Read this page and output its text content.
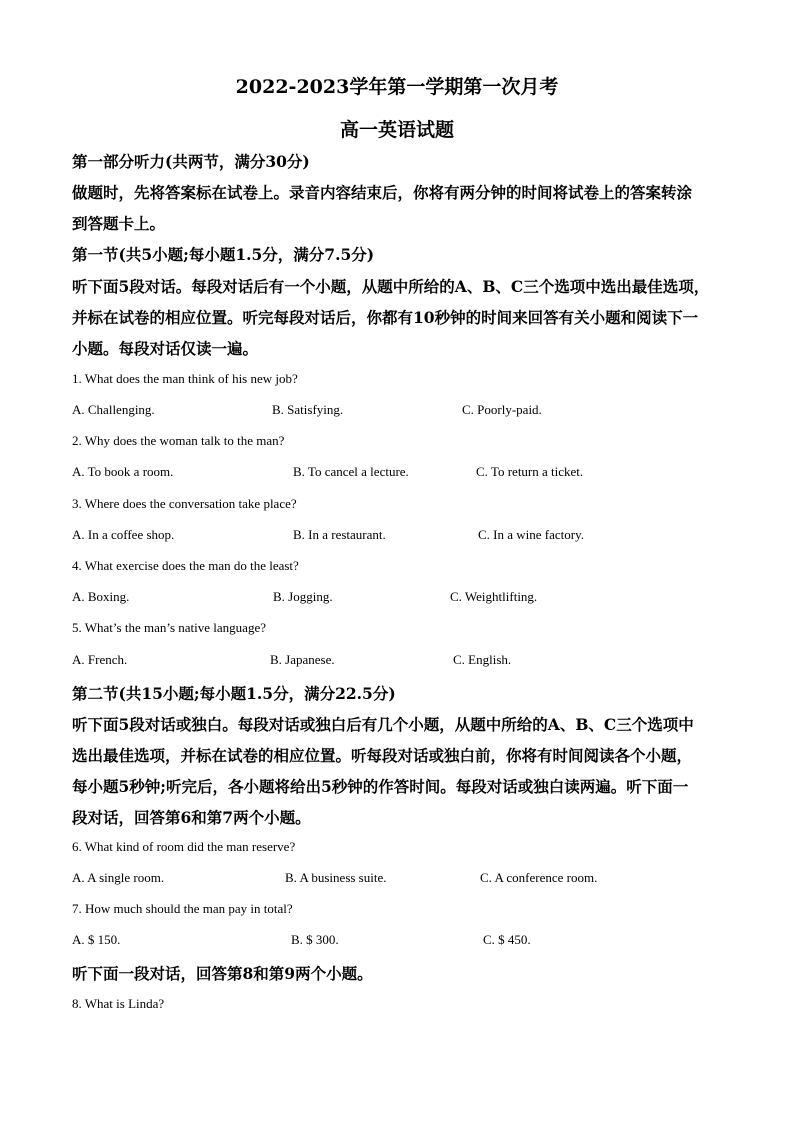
2022-2023学年第一学期第一次月考
高一英语试题
第一部分听力(共两节，满分30分)
做题时，先将答案标在试卷上。录音内容结束后，你将有两分钟的时间将试卷上的答案转涂
到答题卡上。
第一节(共5小题;每小题1.5分，满分7.5分)
听下面5段对话。每段对话后有一个小题，从题中所给的A、B、C三个选项中选出最佳选项，
并标在试卷的相应位置。听完每段对话后，你都有10秒钟的时间来回答有关小题和阅读下一
小题。每段对话仅读一遍。
1. What does the man think of his new job?
A. Challenging.	B. Satisfying.	C. Poorly-paid.
2. Why does the woman talk to the man?
A. To book a room.	B. To cancel a lecture.	C. To return a ticket.
3. Where does the conversation take place?
A. In a coffee shop.	B. In a restaurant.	C. In a wine factory.
4. What exercise does the man do the least?
A. Boxing.	B. Jogging.	C. Weightlifting.
5. What’s the man’s native language?
A. French.	B. Japanese.	C. English.
第二节(共15小题;每小题1.5分，满分22.5分)
听下面5段对话或独白。每段对话或独白后有几个小题，从题中所给的A、B、C三个选项中
选出最佳选项，并标在试卷的相应位置。听每段对话或独白前，你将有时间阅读各个小题，
每小题5秒钟;听完后，各小题将给出5秒钟的作答时间。每段对话或独白读两遍。听下面一
段对话，回答第6和第7两个小题。
6. What kind of room did the man reserve?
A. A single room.	B. A business suite.	C. A conference room.
7. How much should the man pay in total?
A. $ 150.	B. $ 300.	C. $ 450.
听下面一段对话，回答第8和第9两个小题。
8. What is Linda?
